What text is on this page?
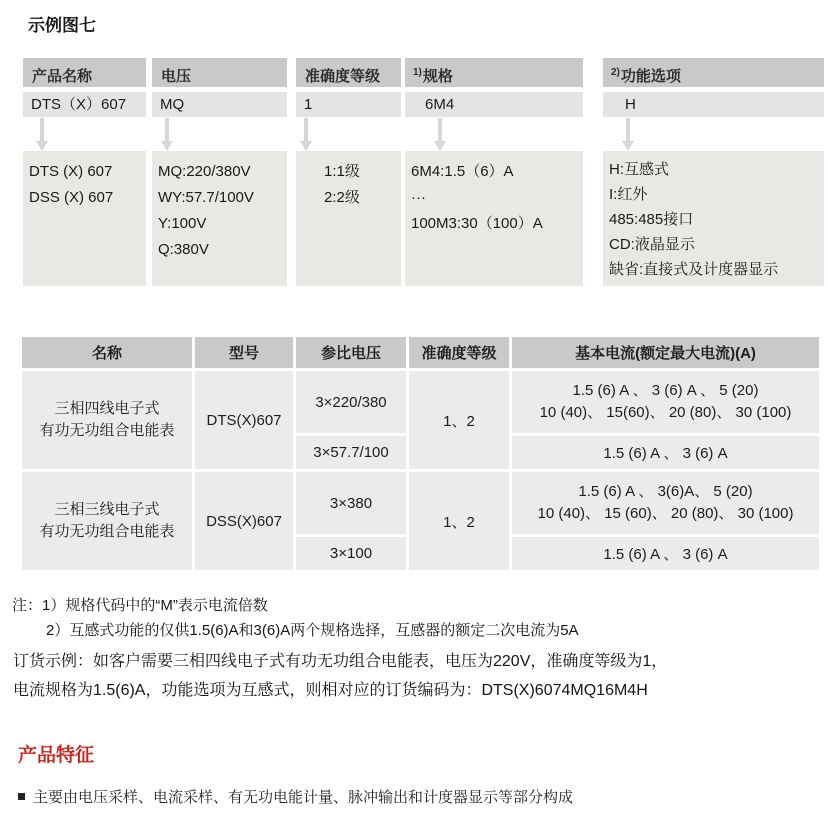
示例图七
产品名称
DTS（X）607
DTS (X) 607
DSS (X) 607
电压
MQ
MQ:220/380V
WY:57.7/100V
Y:100V
Q:380V
准确度等级
1
1:1级
2:2级
$^{1)}$规格
6M4
6M4:1.5（6）A
···
100M3:30（100）A
$^{2)}$功能选项
H
H:互感式
I:红外
485:485接口
CD:液晶显示
缺省:直接式及计度器显示
名称	型号	参比电压	准确度等级	基本电流(额定最大电流)(A)

三相四线电子式
有功无功组合电能表	DTS(X)607	3×220/380	1、2	1.5 (6) A 、 3 (6) A 、 5 (20)
10 (40)、 15(60)、 20 (80)、 30 (100)

		3×57.7/100		1.5 (6) A 、 3 (6) A

三相三线电子式
有功无功组合电能表	DSS(X)607	3×380	1、2	1.5 (6) A 、 3(6)A、 5 (20)
10 (40)、 15 (60)、 20 (80)、 30 (100)

		3×100		1.5 (6) A 、 3 (6) A
注：1）规格代码中的“M”表示电流倍数
2）互感式功能的仅供1.5(6)A和3(6)A两个规格选择，互感器的额定二次电流为5A
订货示例：如客户需要三相四线电子式有功无功组合电能表，电压为220V，准确度等级为1，
电流规格为1.5(6)A，功能选项为互感式，则相对应的订货编码为：DTS(X)6074MQ16M4H
产品特征
主要由电压采样、电流采样、有无功电能计量、脉冲输出和计度器显示等部分构成
